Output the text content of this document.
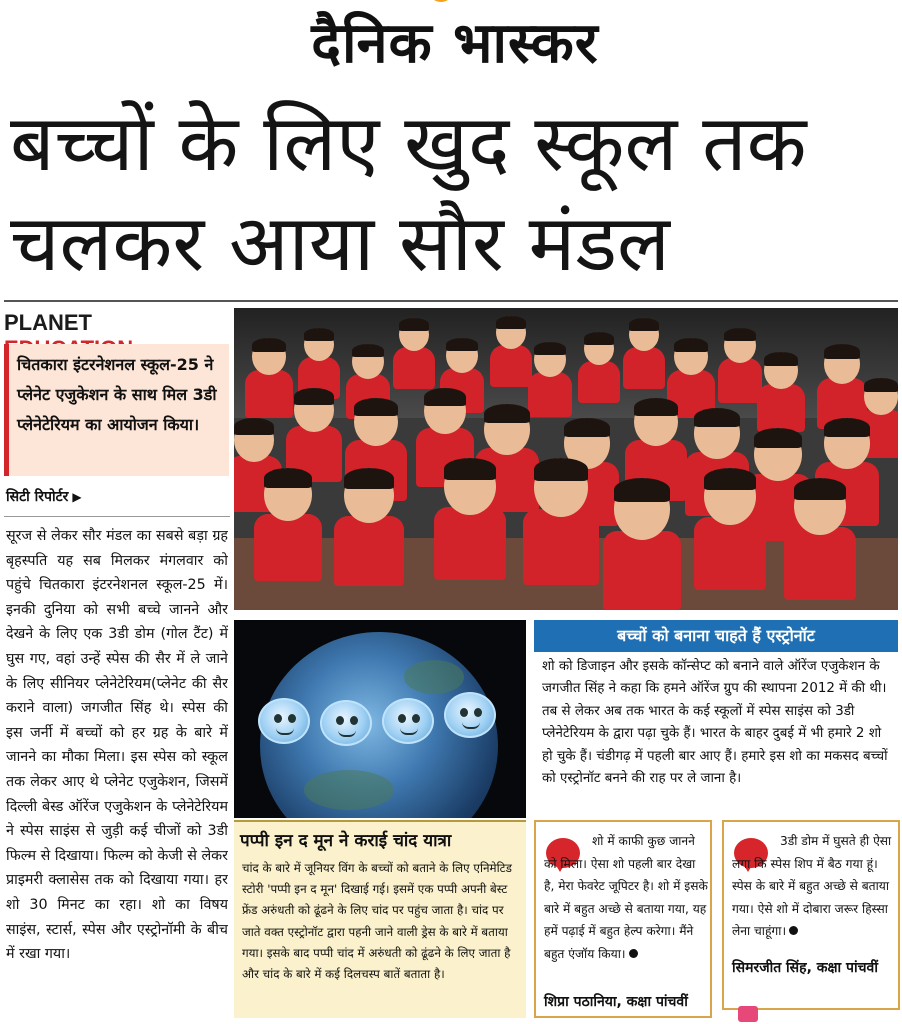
दैनिक भास्कर
बच्चों के लिए खुद स्कूल तक
चलकर आया सौर मंडल
PLANET
चितकारा इंटरनेशनल स्कूल-25 ने प्लेनेट एजुकेशन के साथ मिल 3डी प्लेनेटेरियम का आयोजन किया।
सिटी रिपोर्टर ▶
सूरज से लेकर सौर मंडल का सबसे बड़ा ग्रह बृहस्पति यह सब मिलकर मंगलवार को पहुंचे चितकारा इंटरनेशनल स्कूल-25 में। इनकी दुनिया को सभी बच्चे जानने और देखने के लिए एक 3डी डोम (गोल टैंट) में घुस गए, वहां उन्हें स्पेस की सैर में ले जाने के लिए सीनियर प्लेनेटेरियम(प्लेनेट की सैर कराने वाला) जगजीत सिंह थे। स्पेस की इस जर्नी में बच्चों को हर ग्रह के बारे में जानने का मौका मिला। इस स्पेस को स्कूल तक लेकर आए थे प्लेनेट एजुकेशन, जिसमें दिल्ली बेस्ड ऑरेंज एजुकेशन के प्लेनेटेरियम ने स्पेस साइंस से जुड़ी कई चीजों को 3डी फिल्म से दिखाया। फिल्म को केजी से लेकर प्राइमरी क्लासेस तक को दिखाया गया। हर शो 30 मिनट का रहा। शो का विषय साइंस, स्टार्स, स्पेस और एस्ट्रोनॉमी के बीच में रखा गया।
बच्चों को बनाना चाहते हैं एस्ट्रोनॉट
शो को डिजाइन और इसके कॉन्सेप्ट को बनाने वाले ऑरेंज एजुकेशन के जगजीत सिंह ने कहा कि हमने ऑरेंज ग्रुप की स्थापना 2012 में की थी। तब से लेकर अब तक भारत के कई स्कूलों में स्पेस साइंस को 3डी प्लेनेटेरियम के द्वारा पढ़ा चुके हैं। भारत के बाहर दुबई में भी हमारे 2 शो हो चुके हैं। चंडीगढ़ में पहली बार आए हैं। हमारे इस शो का मकसद बच्चों को एस्ट्रोनॉट बनने की राह पर ले जाना है।
पप्पी इन द मून ने कराई चांद यात्रा
चांद के बारे में जूनियर विंग के बच्चों को बताने के लिए एनिमेटिड स्टोरी 'पप्पी इन द मून' दिखाई गई। इसमें एक पप्पी अपनी बेस्ट फ्रेंड अरुंधती को ढूंढने के लिए चांद पर पहुंच जाता है। चांद पर जाते वक्त एस्ट्रोनॉट द्वारा पहनी जाने वाली ड्रेस के बारे में बताया गया। इसके बाद पप्पी चांद में अरुंधती को ढूंढने के लिए जाता है और चांद के बारे में कई दिलचस्प बातें बताता है।
शो में काफी कुछ जानने को मिला। ऐसा शो पहली बार देखा है, मेरा फेवरेट जूपिटर है। शो में इसके बारे में बहुत अच्छे से बताया गया, यह हमें पढ़ाई में बहुत हेल्प करेगा। मैंने बहुत एंजॉय किया।
शिप्रा पठानिया, कक्षा पांचवीं
3डी डोम में घुसते ही ऐसा लगा कि स्पेस शिप में बैठ गया हूं। स्पेस के बारे में बहुत अच्छे से बताया गया। ऐसे शो में दोबारा जरूर हिस्सा लेना चाहूंगा।
सिमरजीत सिंह, कक्षा पांचवीं
